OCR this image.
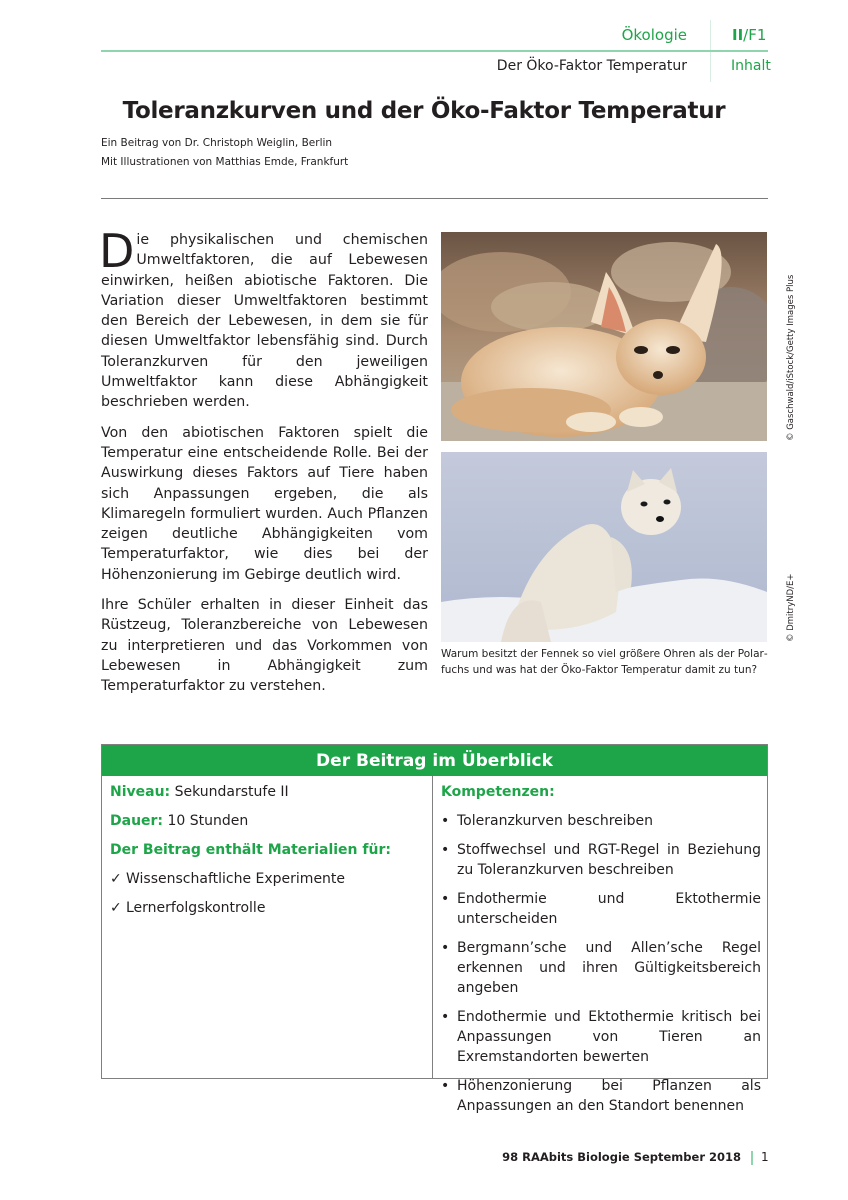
Ökologie	II/F1
Der Öko-Faktor Temperatur	Inhalt
Toleranzkurven und der Öko-Faktor Temperatur
Ein Beitrag von Dr. Christoph Weiglin, Berlin
Mit Illustrationen von Matthias Emde, Frankfurt

Die physikalischen und chemischen Umweltfaktoren, die auf Lebewesen einwirken, heißen abiotische Faktoren. Die Variation dieser Umweltfaktoren bestimmt den Bereich der Lebewesen, in dem sie für diesen Umweltfaktor lebensfähig sind. Durch Toleranzkurven für den jeweiligen Umweltfaktor kann diese Abhängigkeit beschrieben werden.

Von den abiotischen Faktoren spielt die Temperatur eine entscheidende Rolle. Bei der Auswirkung dieses Faktors auf Tiere haben sich Anpassungen ergeben, die als Klimaregeln formuliert wurden. Auch Pflanzen zeigen deutliche Abhängigkeiten vom Temperaturfaktor, wie dies bei der Höhenzonierung im Gebirge deutlich wird.

Ihre Schüler erhalten in dieser Einheit das Rüstzeug, Toleranzbereiche von Lebewesen zu interpretieren und das Vorkommen von Lebewesen in Abhängigkeit zum Temperaturfaktor zu verstehen.

© Gaschwald/iStock/Getty Images Plus
© DmitryND/E+
Warum besitzt der Fennek so viel größere Ohren als der Polarfuchs und was hat der Öko-Faktor Temperatur damit zu tun?
Der Beitrag im Überblick
Niveau: Sekundarstufe II
Dauer: 10 Stunden
Der Beitrag enthält Materialien für:
✓ Wissenschaftliche Experimente
✓ Lernerfolgskontrolle
Kompetenzen:
• Toleranzkurven beschreiben
• Stoffwechsel und RGT-Regel in Beziehung zu Toleranzkurven beschreiben
• Endothermie und Ektothermie unterscheiden
• Bergmann’sche und Allen’sche Regel erkennen und ihren Gültigkeitsbereich angeben
• Endothermie und Ektothermie kritisch bei Anpassungen von Tieren an Exremstandorten bewerten
• Höhenzonierung bei Pflanzen als Anpassungen an den Standort benennen
98 RAAbits Biologie September 2018 1
